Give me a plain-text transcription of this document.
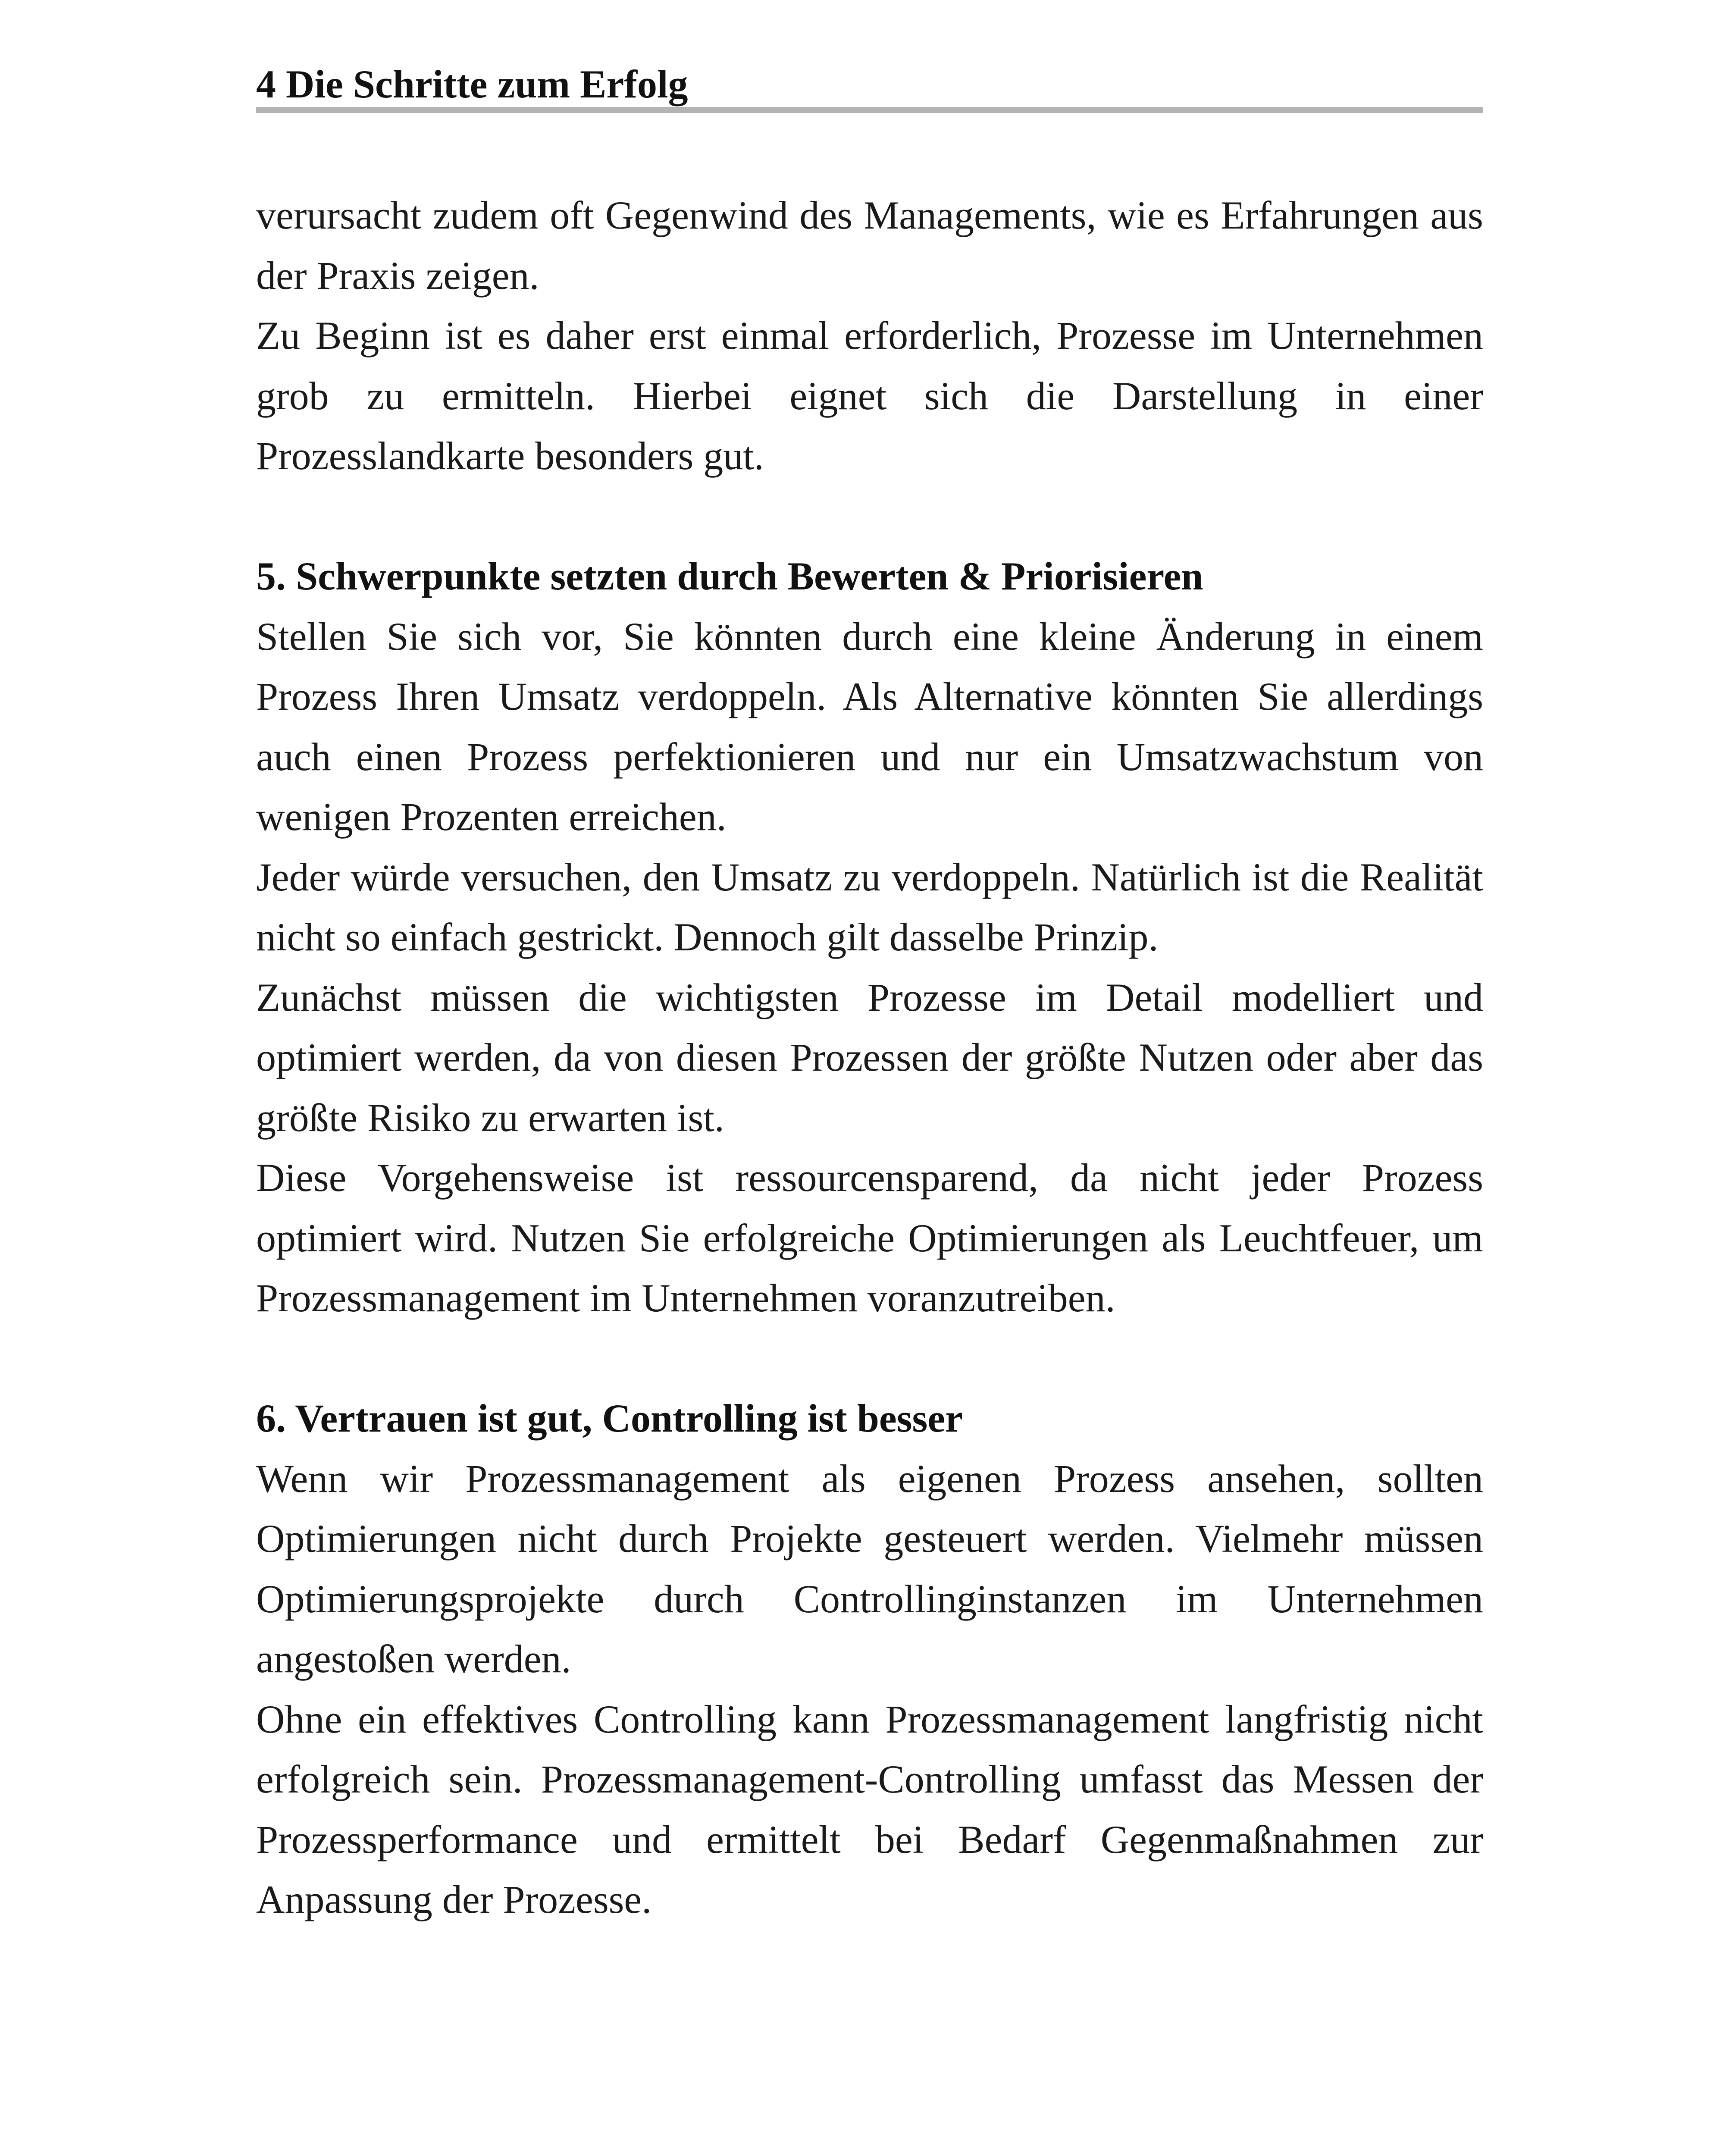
4 Die Schritte zum Erfolg

verursacht zudem oft Gegenwind des Managements, wie es Erfahrungen aus der Praxis zeigen.

Zu Beginn ist es daher erst einmal erforderlich, Prozesse im Unternehmen grob zu ermitteln. Hierbei eignet sich die Darstellung in einer Prozesslandkarte besonders gut.

5. Schwerpunkte setzten durch Bewerten & Priorisieren

Stellen Sie sich vor, Sie könnten durch eine kleine Änderung in einem Prozess Ihren Umsatz verdoppeln. Als Alternative könnten Sie allerdings auch einen Prozess perfektionieren und nur ein Umsatzwachstum von wenigen Prozenten erreichen.

Jeder würde versuchen, den Umsatz zu verdoppeln. Natürlich ist die Realität nicht so einfach gestrickt. Dennoch gilt dasselbe Prinzip.

Zunächst müssen die wichtigsten Prozesse im Detail modelliert und optimiert werden, da von diesen Prozessen der größte Nutzen oder aber das größte Risiko zu erwarten ist.

Diese Vorgehensweise ist ressourcensparend, da nicht jeder Prozess optimiert wird. Nutzen Sie erfolgreiche Optimierungen als Leuchtfeuer, um Prozessmanagement im Unternehmen voranzutreiben.

6. Vertrauen ist gut, Controlling ist besser

Wenn wir Prozessmanagement als eigenen Prozess ansehen, sollten Optimierungen nicht durch Projekte gesteuert werden. Vielmehr müssen Optimierungsprojekte durch Controllinginstanzen im Unternehmen angestoßen werden.

Ohne ein effektives Controlling kann Prozessmanagement langfristig nicht erfolgreich sein. Prozessmanagement-Controlling umfasst das Messen der Prozessperformance und ermittelt bei Bedarf Gegenmaßnahmen zur Anpassung der Prozesse.
